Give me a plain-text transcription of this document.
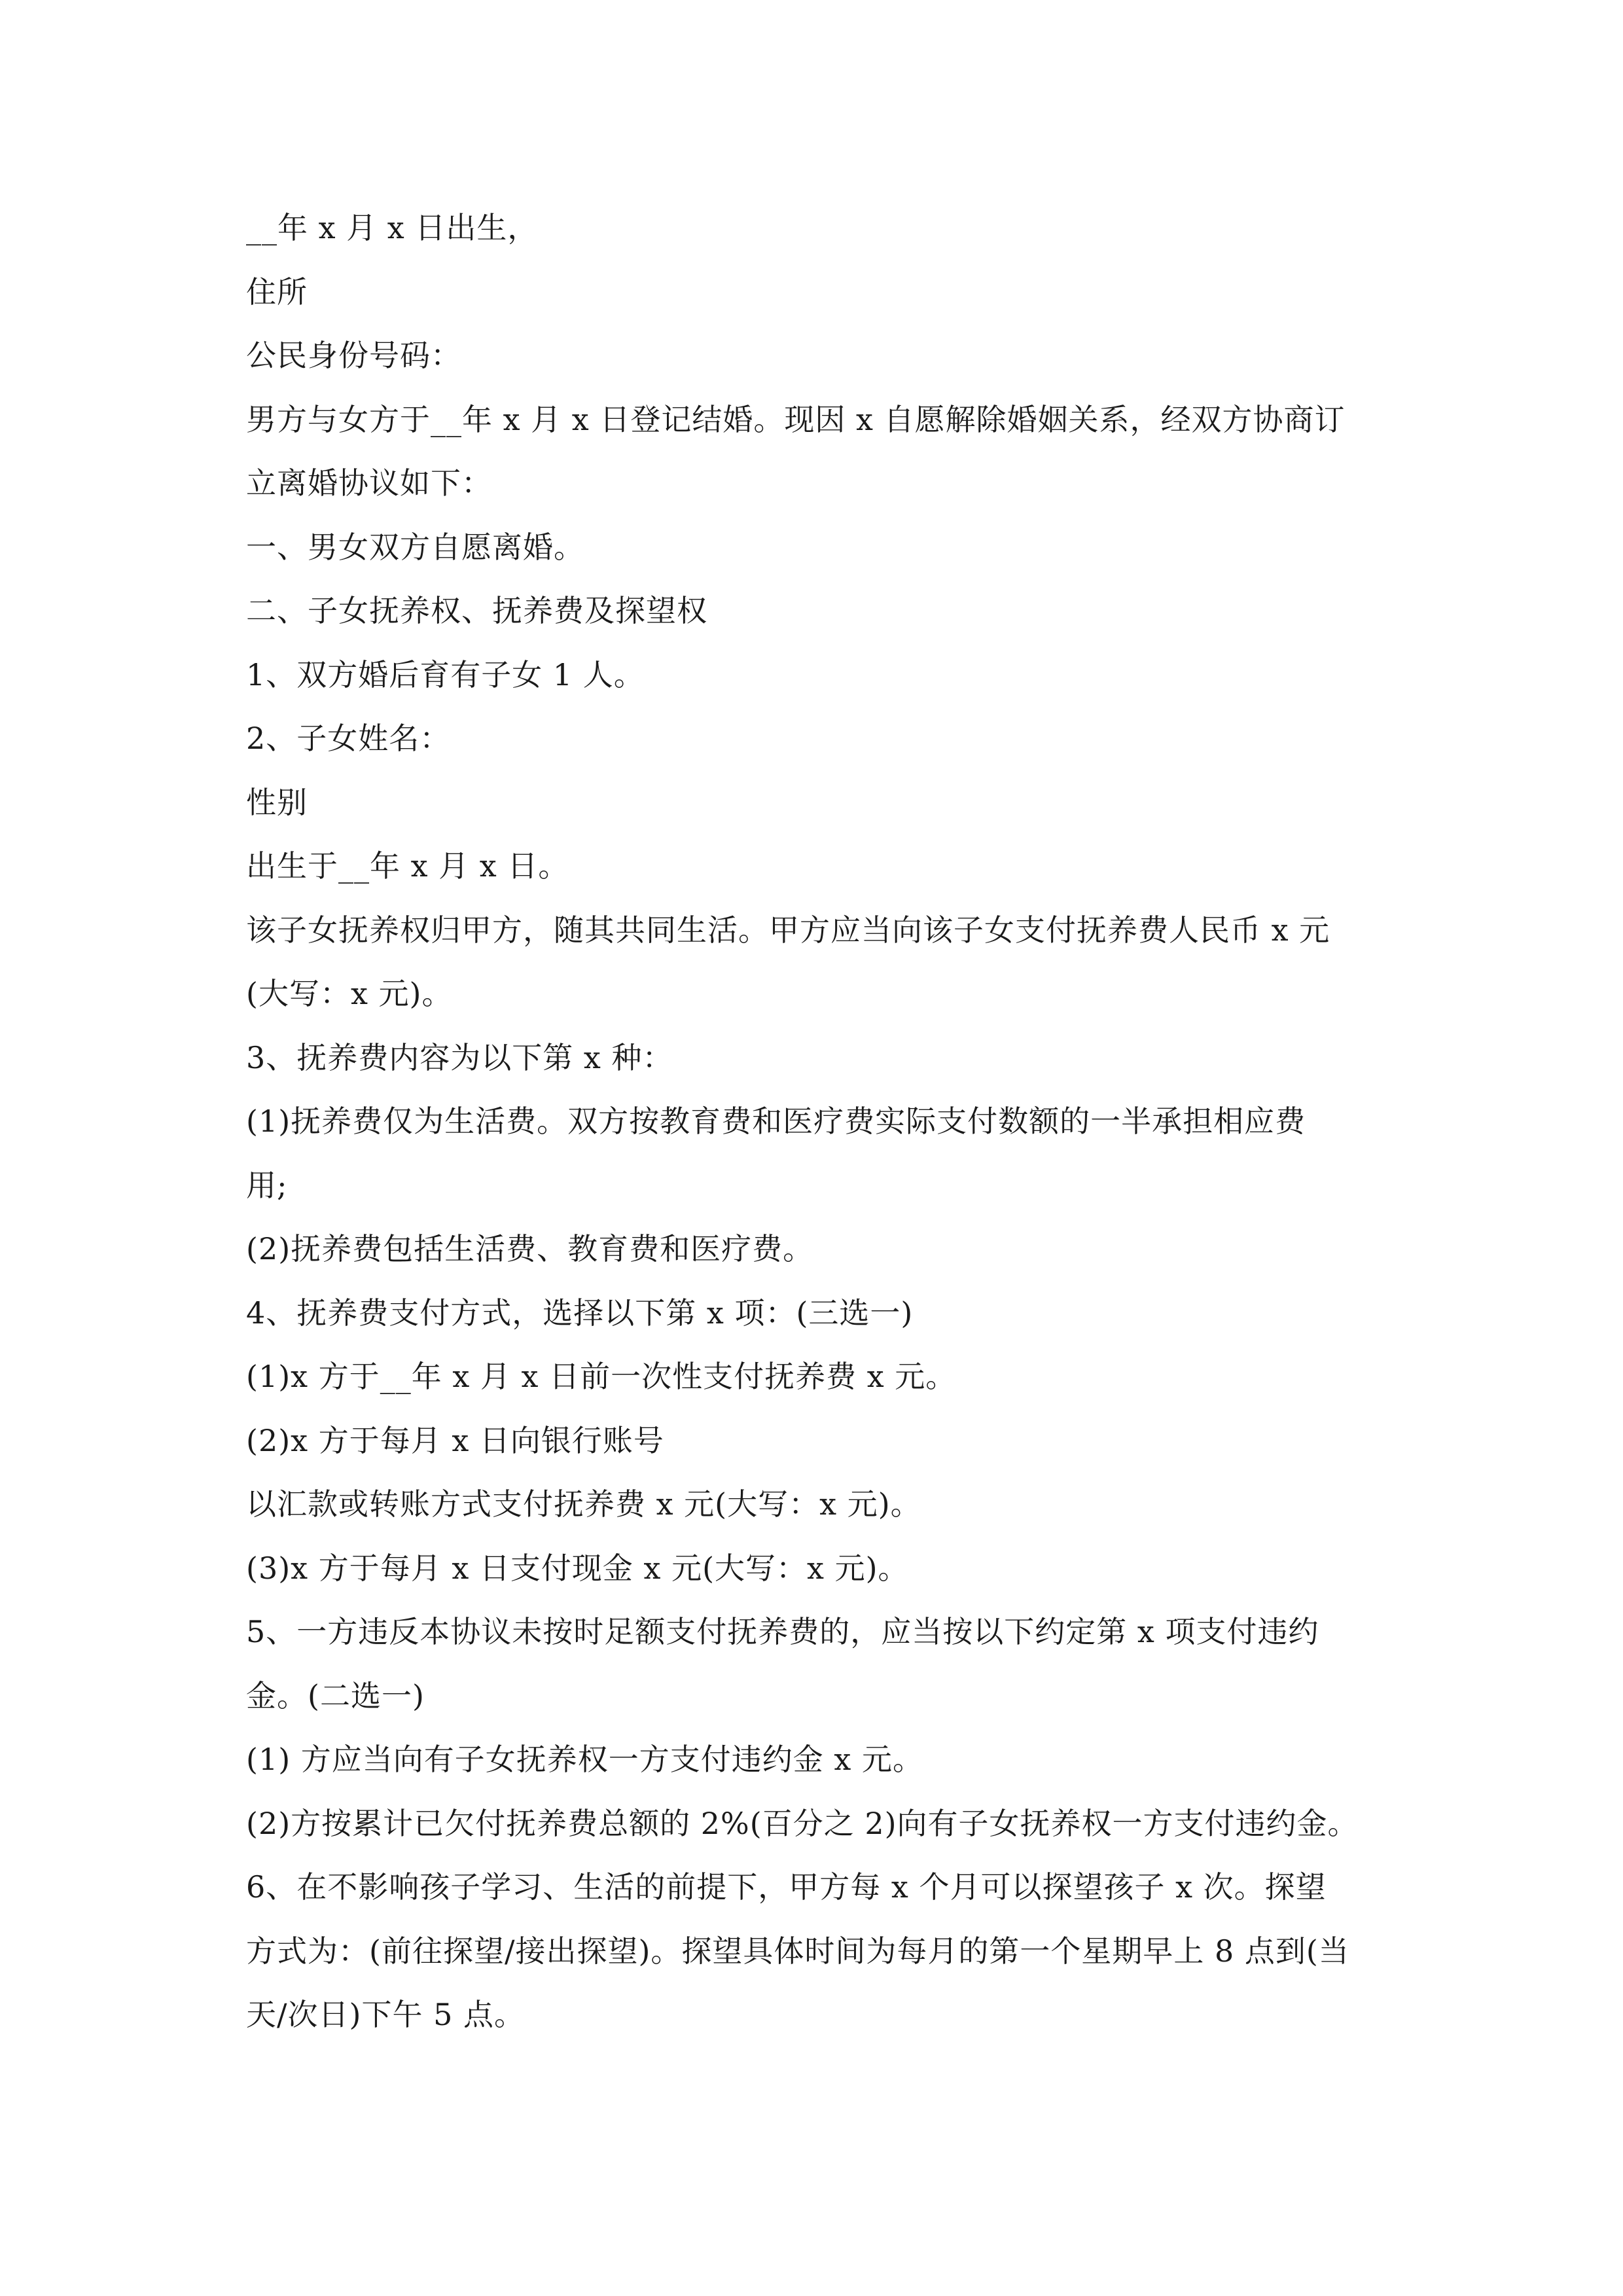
__年 x 月 x 日出生，

住所

公民身份号码：

男方与女方于__年 x 月 x 日登记结婚。现因 x 自愿解除婚姻关系，经双方协商订

立离婚协议如下：

一、男女双方自愿离婚。

二、子女抚养权、抚养费及探望权

1、双方婚后育有子女 1 人。

2、子女姓名：

性别

出生于__年 x 月 x 日。

该子女抚养权归甲方，随其共同生活。甲方应当向该子女支付抚养费人民币 x 元

(大写：x 元)。

3、抚养费内容为以下第 x 种：

(1)抚养费仅为生活费。双方按教育费和医疗费实际支付数额的一半承担相应费

用;

(2)抚养费包括生活费、教育费和医疗费。

4、抚养费支付方式，选择以下第 x 项：(三选一)

(1)x 方于__年 x 月 x 日前一次性支付抚养费 x 元。

(2)x 方于每月 x 日向银行账号

以汇款或转账方式支付抚养费 x 元(大写：x 元)。

(3)x 方于每月 x 日支付现金 x 元(大写：x 元)。

5、一方违反本协议未按时足额支付抚养费的，应当按以下约定第 x 项支付违约

金。(二选一)

(1) 方应当向有子女抚养权一方支付违约金 x 元。

(2)方按累计已欠付抚养费总额的 2%(百分之 2)向有子女抚养权一方支付违约金。

6、在不影响孩子学习、生活的前提下，甲方每 x 个月可以探望孩子 x 次。探望

方式为：(前往探望/接出探望)。探望具体时间为每月的第一个星期早上 8 点到(当

天/次日)下午 5 点。
